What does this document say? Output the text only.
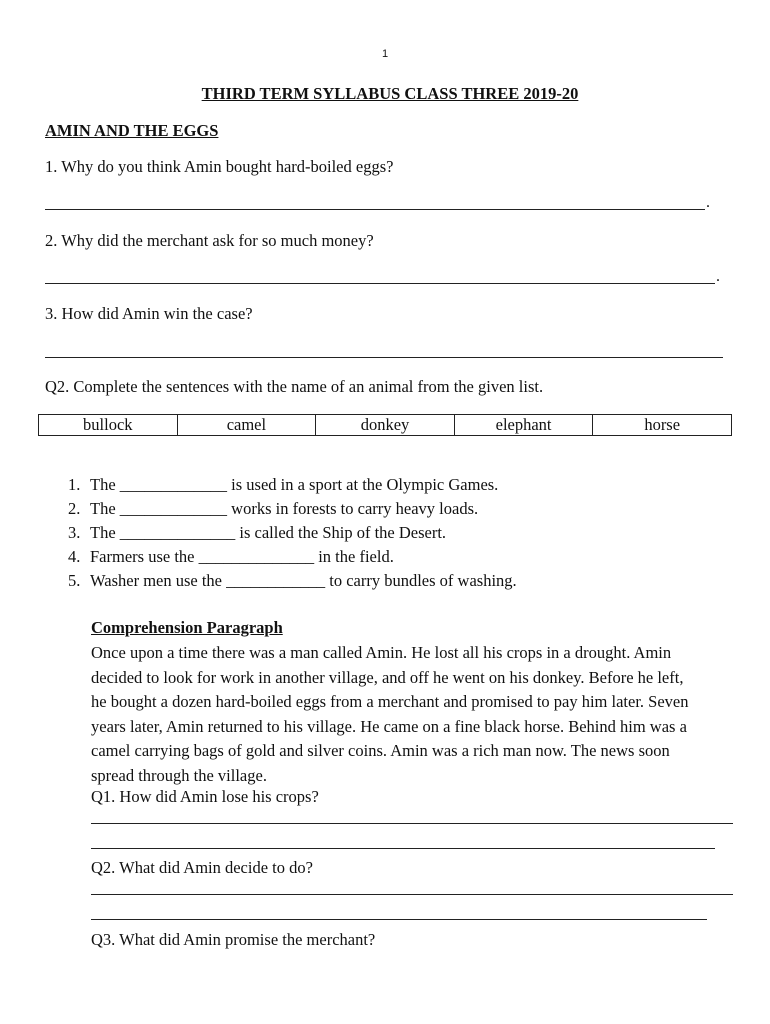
1
THIRD TERM SYLLABUS CLASS THREE 2019-20
AMIN AND THE EGGS
1. Why do you think Amin bought hard-boiled eggs?
.
2. Why did the merchant ask for so much money?
.
3. How did Amin win the case?
Q2. Complete the sentences with the name of an animal from the given list.
bullock	camel	donkey	elephant	horse
1. The _____________ is used in a sport at the Olympic Games.
2. The _____________ works in forests to carry heavy loads.
3. The ______________ is called the Ship of the Desert.
4. Farmers use the ______________ in the field.
5. Washer men use the ____________ to carry bundles of washing.
Comprehension Paragraph
Once upon a time there was a man called Amin. He lost all his crops in a drought. Amin
decided to look for work in another village, and off he went on his donkey. Before he left,
he bought a dozen hard-boiled eggs from a merchant and promised to pay him later. Seven
years later, Amin returned to his village. He came on a fine black horse. Behind him was a
camel carrying bags of gold and silver coins. Amin was a rich man now. The news soon
spread through the village.
Q1. How did Amin lose his crops?
Q2. What did Amin decide to do?
Q3. What did Amin promise the merchant?
